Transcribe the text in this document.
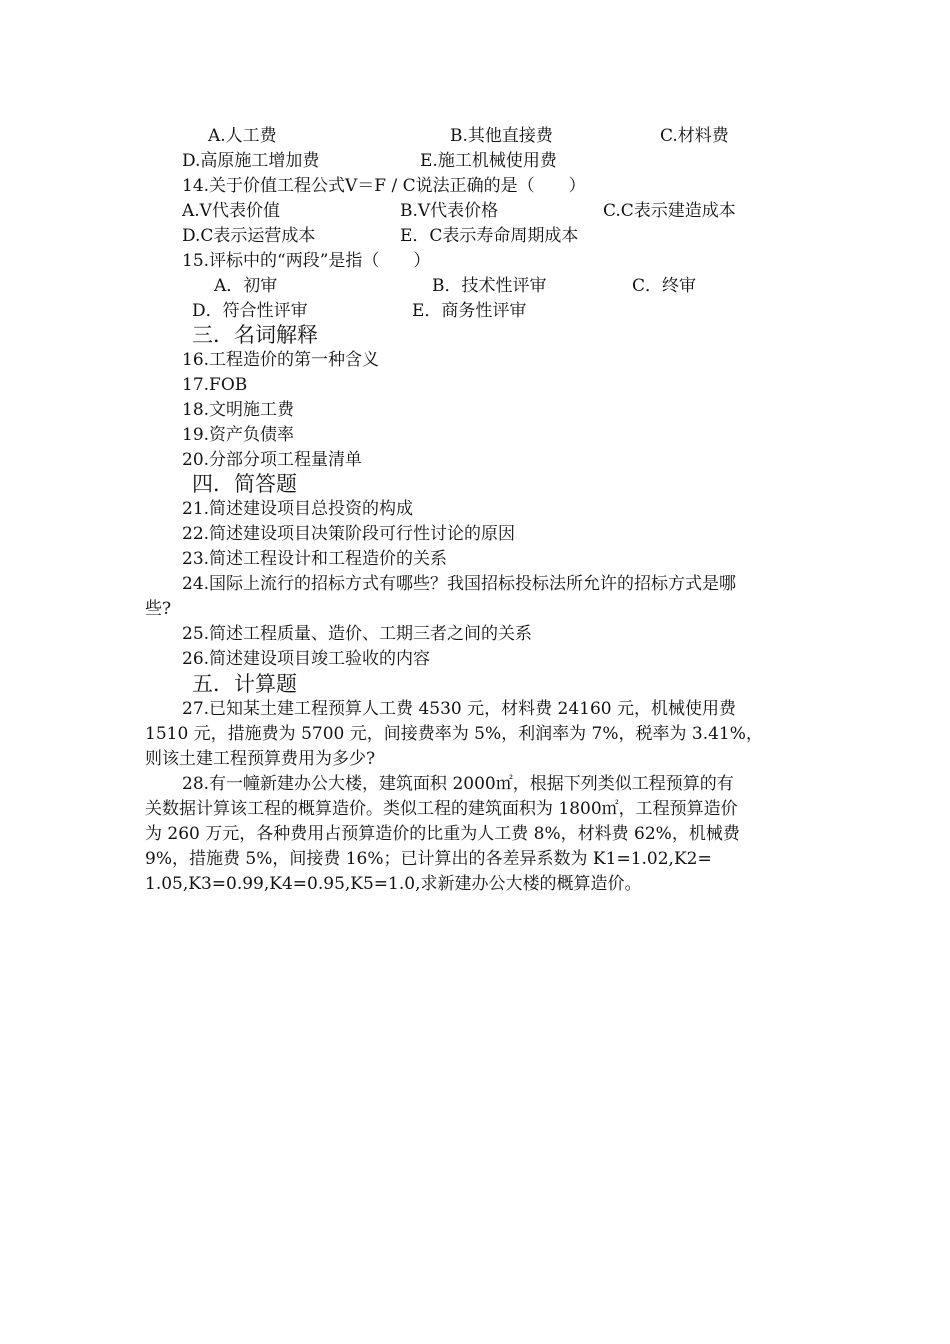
A.人工费	B.其他直接费	C.材料费
D.高原施工增加费	E.施工机械使用费
14.关于价值工程公式V＝F / C说法正确的是（　　）
A.V代表价值	B.V代表价格	C.C表示建造成本
D.C表示运营成本	E．C表示寿命周期成本
15.评标中的“两段”是指（　　）
A．初审	B．技术性评审	C．终审
D．符合性评审	E．商务性评审
三．名词解释
16.工程造价的第一种含义
17.FOB
18.文明施工费
19.资产负债率
20.分部分项工程量清单
四．简答题
21.简述建设项目总投资的构成
22.简述建设项目决策阶段可行性讨论的原因
23.简述工程设计和工程造价的关系
24.国际上流行的招标方式有哪些？我国招标投标法所允许的招标方式是哪
些?
25.简述工程质量、造价、工期三者之间的关系
26.简述建设项目竣工验收的内容
五．计算题
27.已知某土建工程预算人工费 4530 元，材料费 24160 元，机械使用费
1510 元，措施费为 5700 元，间接费率为 5%，利润率为 7%，税率为 3.41%，
则该土建工程预算费用为多少?
28.有一幢新建办公大楼，建筑面积 2000㎡，根据下列类似工程预算的有
关数据计算该工程的概算造价。类似工程的建筑面积为 1800㎡，工程预算造价
为 260 万元，各种费用占预算造价的比重为人工费 8%，材料费 62%，机械费
9%，措施费 5%，间接费 16%；已计算出的各差异系数为 K1=1.02,K2=
1.05,K3=0.99,K4=0.95,K5=1.0,求新建办公大楼的概算造价。
